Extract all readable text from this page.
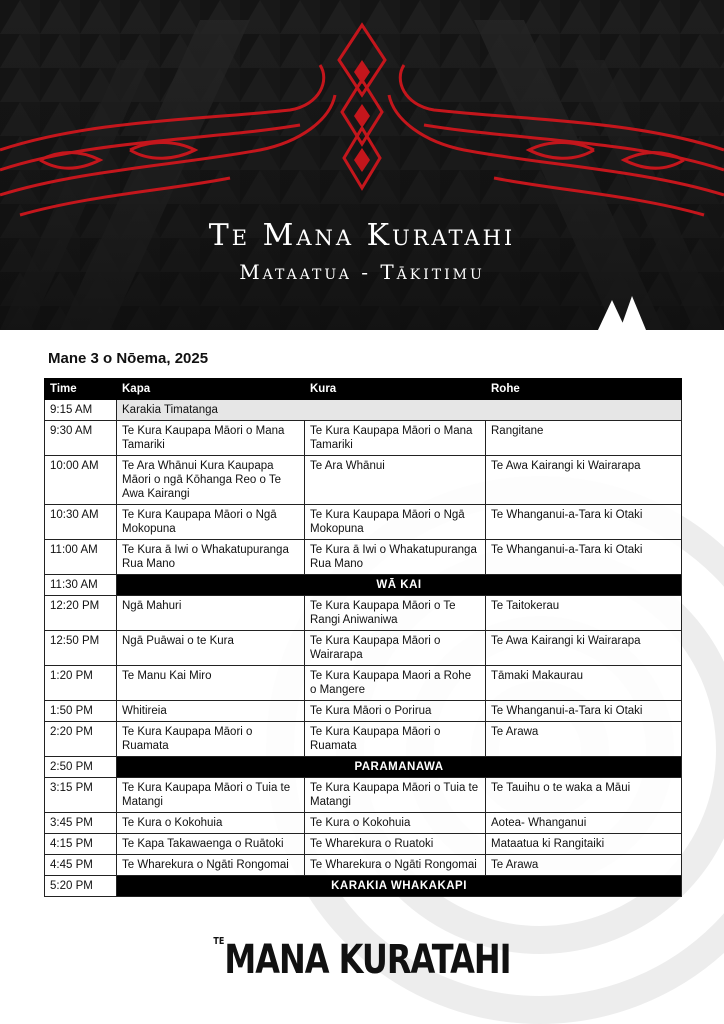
Te Mana Kuratahi
Mataatua - Tākitimu
Mane 3 o Nōema, 2025
Time	Kapa	Kura	Rohe
9:15 AM	Karakia Timatanga		
9:30 AM	Te Kura Kaupapa Māori o Mana Tamariki	Te Kura Kaupapa Māori o Mana Tamariki	Rangitane
10:00 AM	Te Ara Whānui Kura Kaupapa Māori o ngā Kōhanga Reo o Te Awa Kairangi	Te Ara Whānui	Te Awa Kairangi ki Wairarapa
10:30 AM	Te Kura Kaupapa Māori o Ngā Mokopuna	Te Kura Kaupapa Māori o Ngā Mokopuna	Te Whanganui-a-Tara ki Otaki
11:00 AM	Te Kura ā Iwi o Whakatupuranga Rua Mano	Te Kura ā Iwi o Whakatupuranga Rua Mano	Te Whanganui-a-Tara ki Otaki
11:30 AM	WĀ KAI		
12:20 PM	Ngā Mahuri	Te Kura Kaupapa Māori o Te Rangi Aniwaniwa	Te Taitokerau
12:50 PM	Ngā Puāwai o te Kura	Te Kura Kaupapa Māori o Wairarapa	Te Awa Kairangi ki Wairarapa
1:20 PM	Te Manu Kai Miro	Te Kura Kaupapa Maori a Rohe o Mangere	Tāmaki Makaurau
1:50 PM	Whitireia	Te Kura Māori o Porirua	Te Whanganui-a-Tara ki Otaki
2:20 PM	Te Kura Kaupapa Māori o Ruamata	Te Kura Kaupapa Māori o Ruamata	Te Arawa
2:50 PM	PARAMANAWA		
3:15 PM	Te Kura Kaupapa Māori o Tuia te Matangi	Te Kura Kaupapa Māori o Tuia te Matangi	Te Tauihu o te waka a Māui
3:45 PM	Te Kura o Kokohuia	Te Kura o Kokohuia	Aotea- Whanganui
4:15 PM	Te Kapa Takawaenga o Ruātoki	Te Wharekura o Ruatoki	Mataatua ki Rangitaiki
4:45 PM	Te Wharekura o Ngāti Rongomai	Te Wharekura o Ngāti Rongomai	Te Arawa
5:20 PM	KARAKIA WHAKAKAPI		
$^{TE}$MANA KURATAHI
